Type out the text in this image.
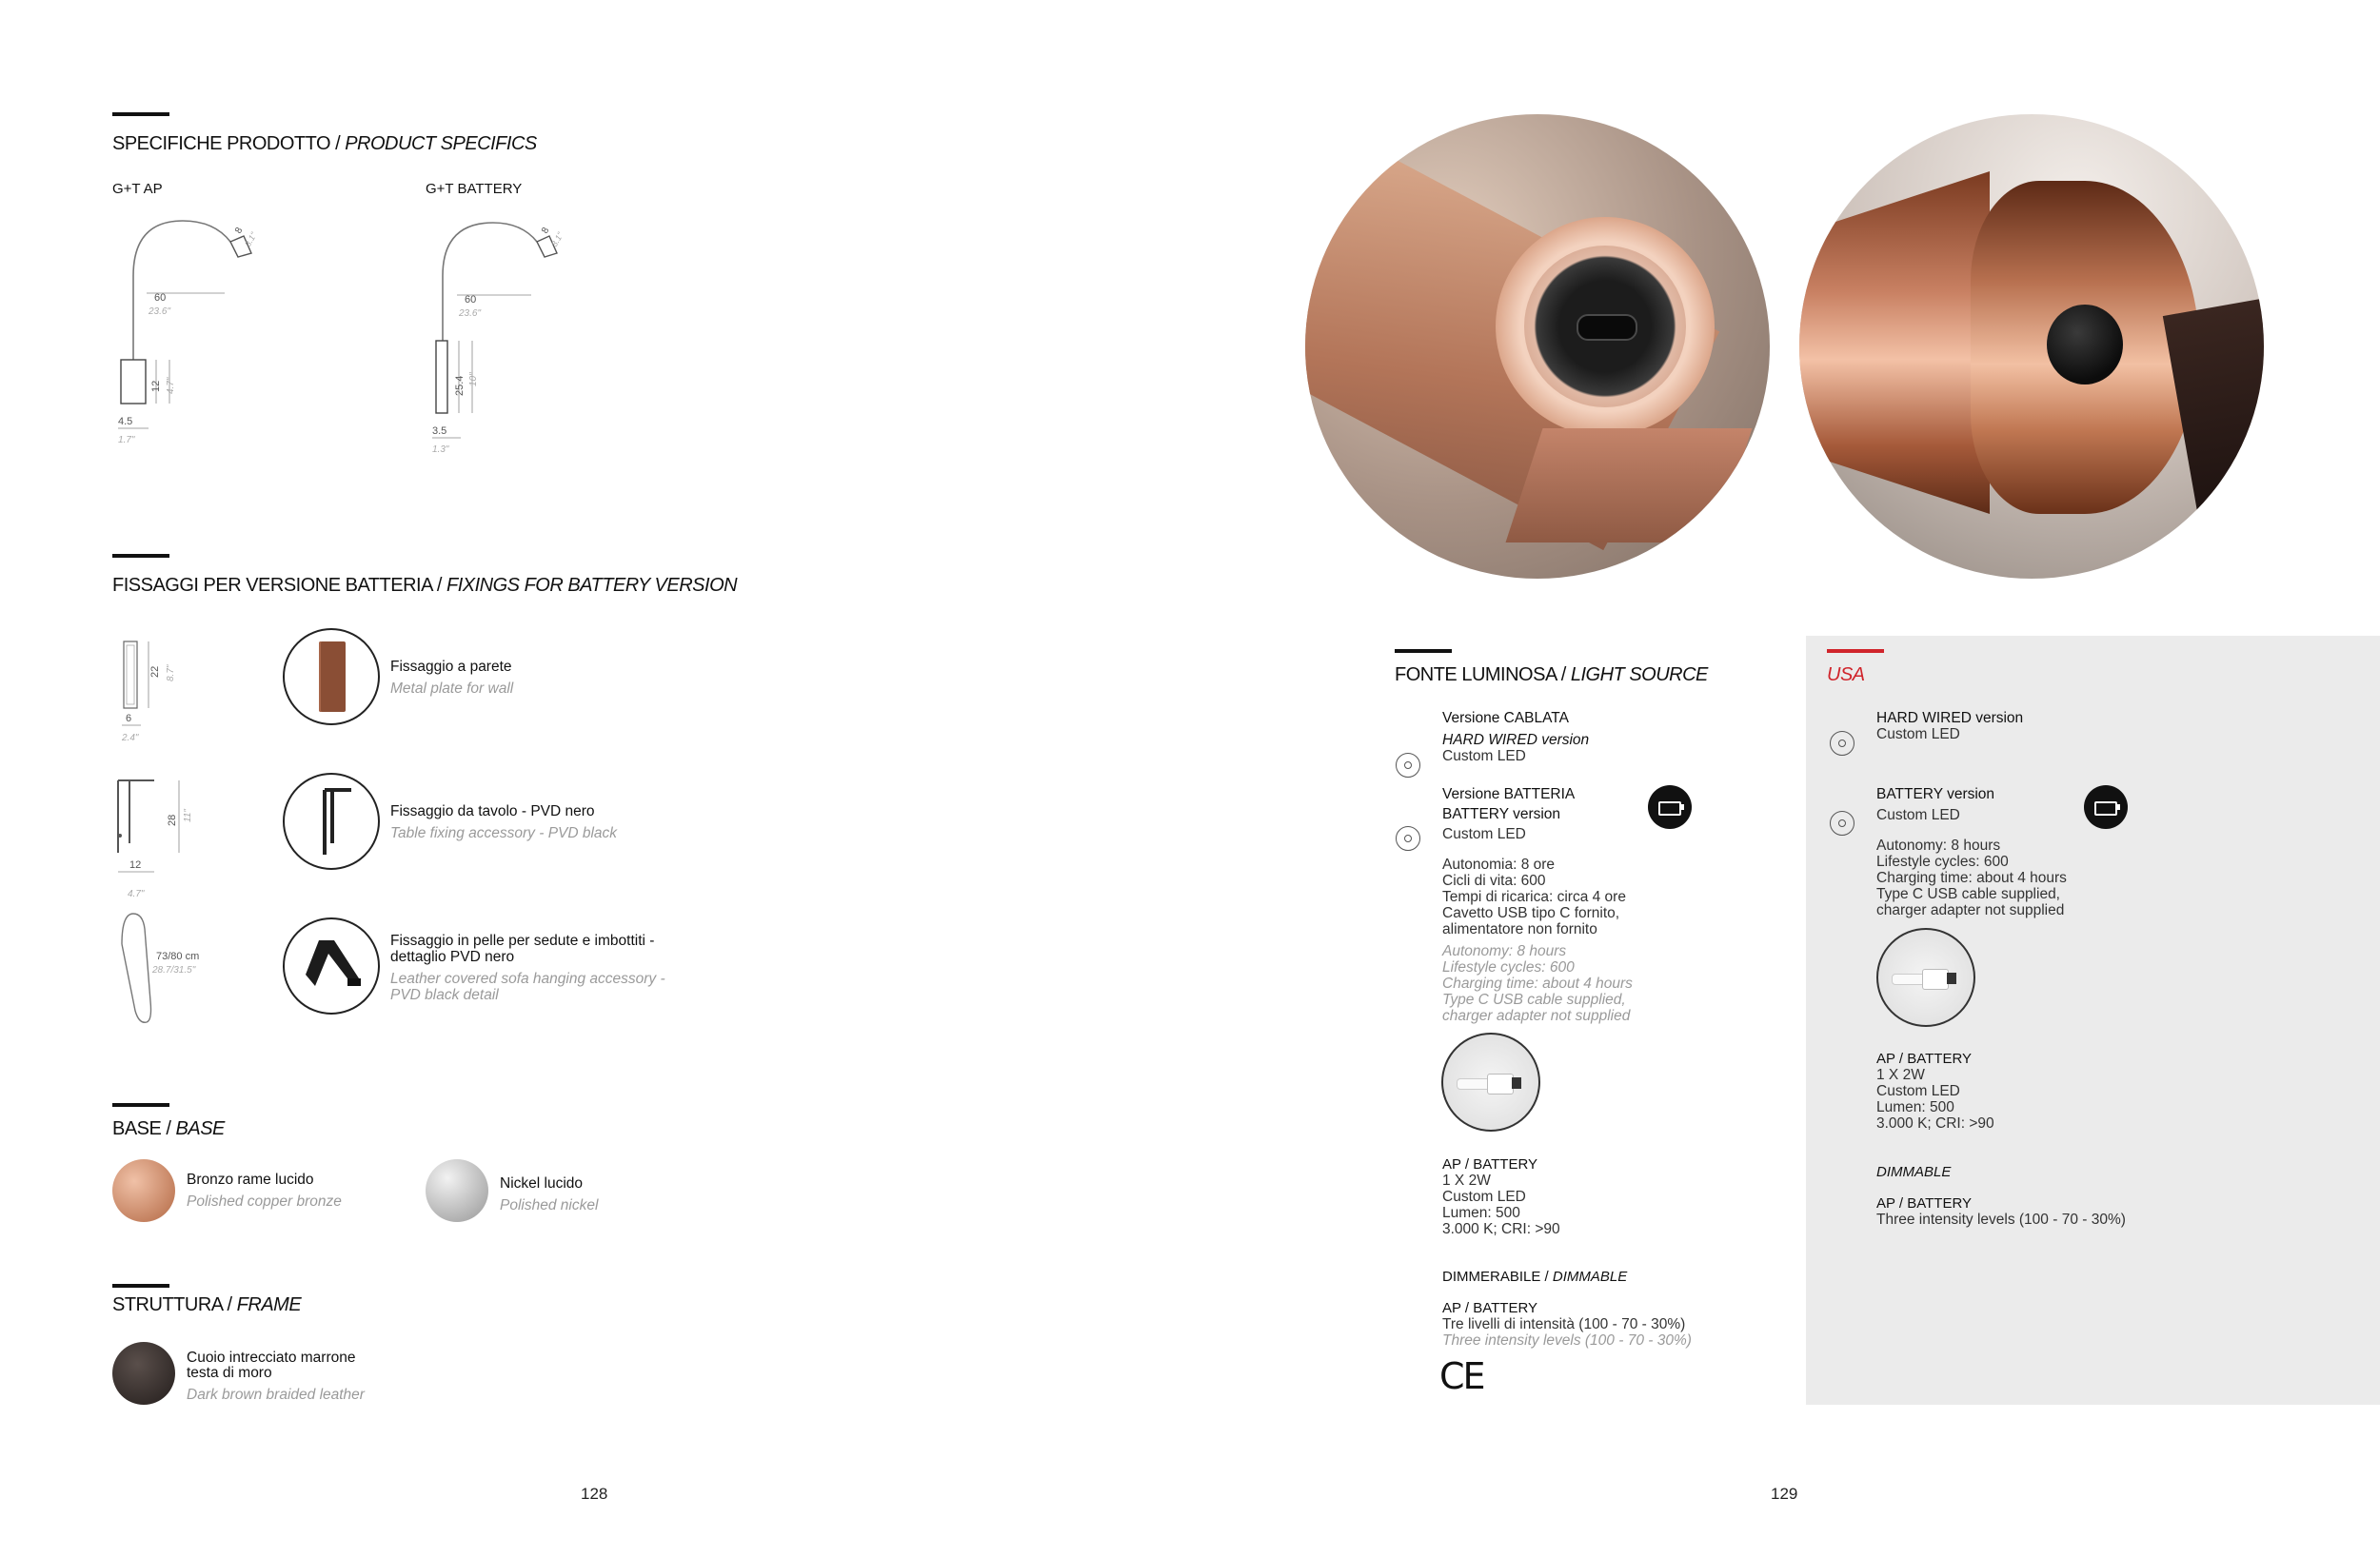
SPECIFICHE PRODOTTO / PRODUCT SPECIFICS
G+T AP	G+T BATTERY
60
23.6"
8
3.1"
12 4.7"
4.5
1.7"
60
23.6"
8
3.1"
25.4 10"
3.5
1.3"
FISSAGGI PER VERSIONE BATTERIA / FIXINGS FOR BATTERY VERSION
22 8.7"
6
2.4"
Fissaggio a parete
Metal plate for wall
28 11"
12
4.7"
Fissaggio da tavolo - PVD nero
Table fixing accessory - PVD black
73/80 cm
28.7/31.5"
Fissaggio in pelle per sedute e imbottiti -
dettaglio PVD nero
Leather covered sofa hanging accessory -
PVD black detail
BASE / BASE
Bronzo rame lucido
Polished copper bronze
Nickel lucido
Polished nickel
STRUTTURA / FRAME
Cuoio intrecciato marrone
testa di moro
Dark brown braided leather
128
FONTE LUMINOSA / LIGHT SOURCE
Versione CABLATA
HARD WIRED version
Custom LED
Versione BATTERIA
BATTERY version
Custom LED
Autonomia: 8 ore
Cicli di vita: 600
Tempi di ricarica: circa 4 ore
Cavetto USB tipo C fornito,
alimentatore non fornito
Autonomy: 8 hours
Lifestyle cycles: 600
Charging time: about 4 hours
Type C USB cable supplied,
charger adapter not supplied
AP / BATTERY
1 X 2W
Custom LED
Lumen: 500
3.000 K; CRI: >90
DIMMERABILE / DIMMABLE
AP / BATTERY
Tre livelli di intensità (100 - 70 - 30%)
Three intensity levels (100 - 70 - 30%)
CE
USA
HARD WIRED version
Custom LED
BATTERY version
Custom LED
Autonomy: 8 hours
Lifestyle cycles: 600
Charging time: about 4 hours
Type C USB cable supplied,
charger adapter not supplied
AP / BATTERY
1 X 2W
Custom LED
Lumen: 500
3.000 K; CRI: >90
DIMMABLE
AP / BATTERY
Three intensity levels (100 - 70 - 30%)
129
